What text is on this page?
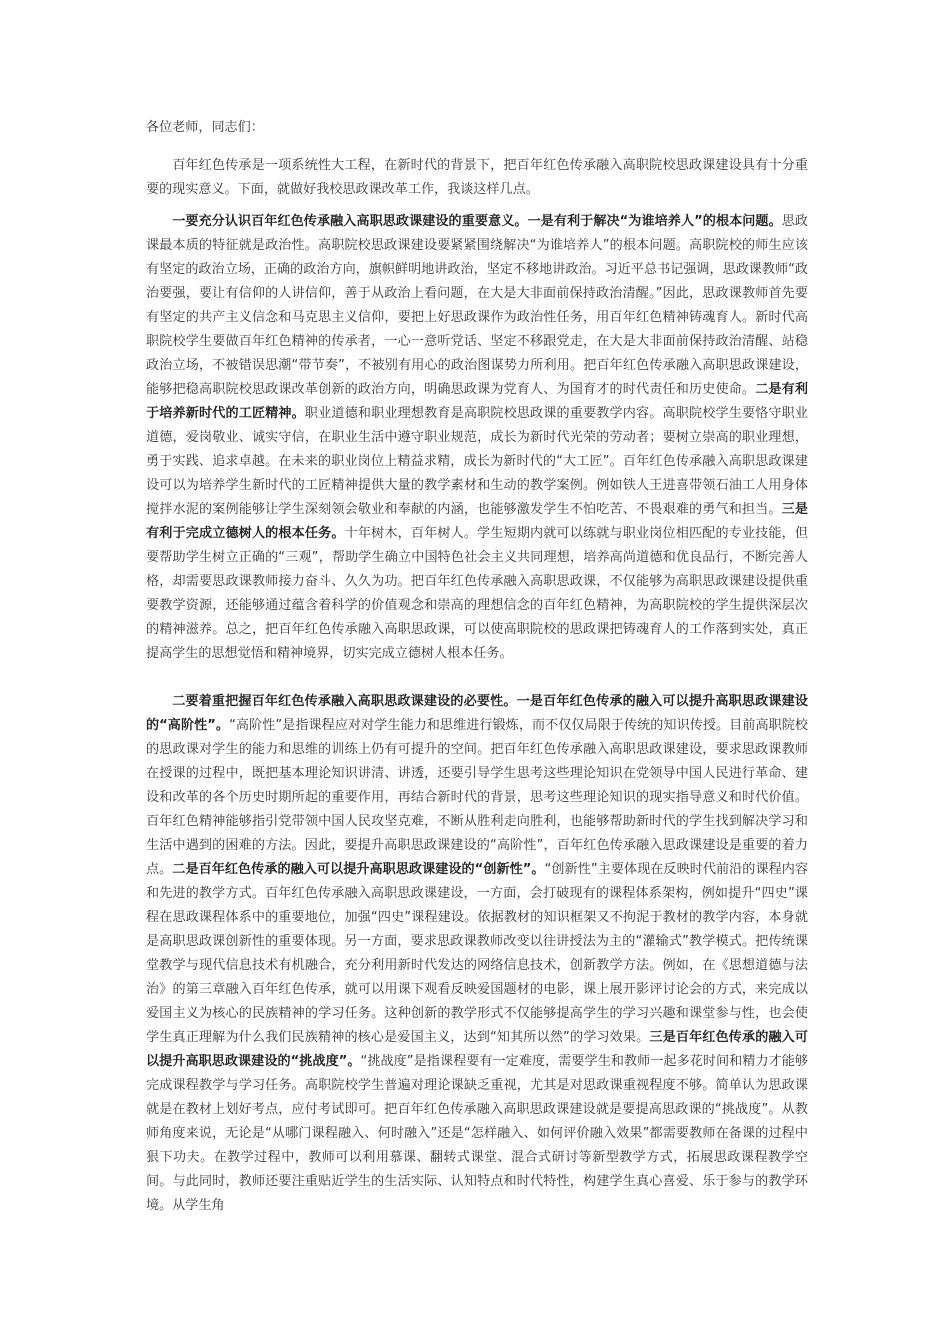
各位老师，同志们：

百年红色传承是一项系统性大工程，在新时代的背景下，把百年红色传承融入高职院校思政课建设具有十分重要的现实意义。下面，就做好我校思政课改革工作，我谈这样几点。

一要充分认识百年红色传承融入高职思政课建设的重要意义。一是有利于解决“为谁培养人”的根本问题。思政课最本质的特征就是政治性。高职院校思政课建设要紧紧围绕解决“为谁培养人”的根本问题。高职院校的师生应该有坚定的政治立场，正确的政治方向，旗帜鲜明地讲政治，坚定不移地讲政治。习近平总书记强调，思政课教师“政治要强，要让有信仰的人讲信仰，善于从政治上看问题，在大是大非面前保持政治清醒。”因此，思政课教师首先要有坚定的共产主义信念和马克思主义信仰，要把上好思政课作为政治性任务，用百年红色精神铸魂育人。新时代高职院校学生要做百年红色精神的传承者，一心一意听党话、坚定不移跟党走，在大是大非面前保持政治清醒、站稳政治立场，不被错误思潮“带节奏”，不被别有用心的政治图谋势力所利用。把百年红色传承融入高职思政课建设，能够把稳高职院校思政课改革创新的政治方向，明确思政课为党育人、为国育才的时代责任和历史使命。二是有利于培养新时代的工匠精神。职业道德和职业理想教育是高职院校思政课的重要教学内容。高职院校学生要恪守职业道德，爱岗敬业、诚实守信，在职业生活中遵守职业规范，成长为新时代光荣的劳动者；要树立崇高的职业理想，勇于实践、追求卓越。在未来的职业岗位上精益求精，成长为新时代的“大工匠”。百年红色传承融入高职思政课建设可以为培养学生新时代的工匠精神提供大量的教学素材和生动的教学案例。例如铁人王进喜带领石油工人用身体搅拌水泥的案例能够让学生深刻领会敬业和奉献的内涵，也能够激发学生不怕吃苦、不畏艰难的勇气和担当。三是有利于完成立德树人的根本任务。十年树木，百年树人。学生短期内就可以练就与职业岗位相匹配的专业技能，但要帮助学生树立正确的“三观”，帮助学生确立中国特色社会主义共同理想，培养高尚道德和优良品行，不断完善人格，却需要思政课教师接力奋斗、久久为功。把百年红色传承融入高职思政课，不仅能够为高职思政课建设提供重要教学资源，还能够通过蕴含着科学的价值观念和崇高的理想信念的百年红色精神，为高职院校的学生提供深层次的精神滋养。总之，把百年红色传承融入高职思政课，可以使高职院校的思政课把铸魂育人的工作落到实处，真正提高学生的思想觉悟和精神境界，切实完成立德树人根本任务。

二要着重把握百年红色传承融入高职思政课建设的必要性。一是百年红色传承的融入可以提升高职思政课建设的“高阶性”。“高阶性”是指课程应对对学生能力和思维进行锻炼，而不仅仅局限于传统的知识传授。目前高职院校的思政课对学生的能力和思维的训练上仍有可提升的空间。把百年红色传承融入高职思政课建设，要求思政课教师在授课的过程中，既把基本理论知识讲清、讲透，还要引导学生思考这些理论知识在党领导中国人民进行革命、建设和改革的各个历史时期所起的重要作用，再结合新时代的背景，思考这些理论知识的现实指导意义和时代价值。百年红色精神能够指引党带领中国人民攻坚克难，不断从胜利走向胜利，也能够帮助新时代的学生找到解决学习和生活中遇到的困难的方法。因此，要提升高职思政课建设的“高阶性”，百年红色传承融入思政课建设是重要的着力点。二是百年红色传承的融入可以提升高职思政课建设的“创新性”。“创新性”主要体现在反映时代前沿的课程内容和先进的教学方式。百年红色传承融入高职思政课建设，一方面，会打破现有的课程体系架构，例如提升“四史”课程在思政课程体系中的重要地位，加强“四史”课程建设。依据教材的知识框架又不拘泥于教材的教学内容，本身就是高职思政课创新性的重要体现。另一方面，要求思政课教师改变以往讲授法为主的“灌输式”教学模式。把传统课堂教学与现代信息技术有机融合，充分利用新时代发达的网络信息技术，创新教学方法。例如，在《思想道德与法治》的第三章融入百年红色传承，就可以用课下观看反映爱国题材的电影，课上展开影评讨论会的方式，来完成以爱国主义为核心的民族精神的学习任务。这种创新的教学形式不仅能够提高学生的学习兴趣和课堂参与性，也会使学生真正理解为什么我们民族精神的核心是爱国主义，达到“知其所以然”的学习效果。三是百年红色传承的融入可以提升高职思政课建设的“挑战度”。“挑战度”是指课程要有一定难度，需要学生和教师一起多花时间和精力才能够完成课程教学与学习任务。高职院校学生普遍对理论课缺乏重视，尤其是对思政课重视程度不够。简单认为思政课就是在教材上划好考点，应付考试即可。把百年红色传承融入高职思政课建设就是要提高思政课的“挑战度”。从教师角度来说，无论是“从哪门课程融入、何时融入”还是“怎样融入、如何评价融入效果”都需要教师在备课的过程中狠下功夫。在教学过程中，教师可以利用慕课、翻转式课堂、混合式研讨等新型教学方式，拓展思政课程教学空间。与此同时，教师还要注重贴近学生的生活实际、认知特点和时代特性，构建学生真心喜爱、乐于参与的教学环境。从学生角
